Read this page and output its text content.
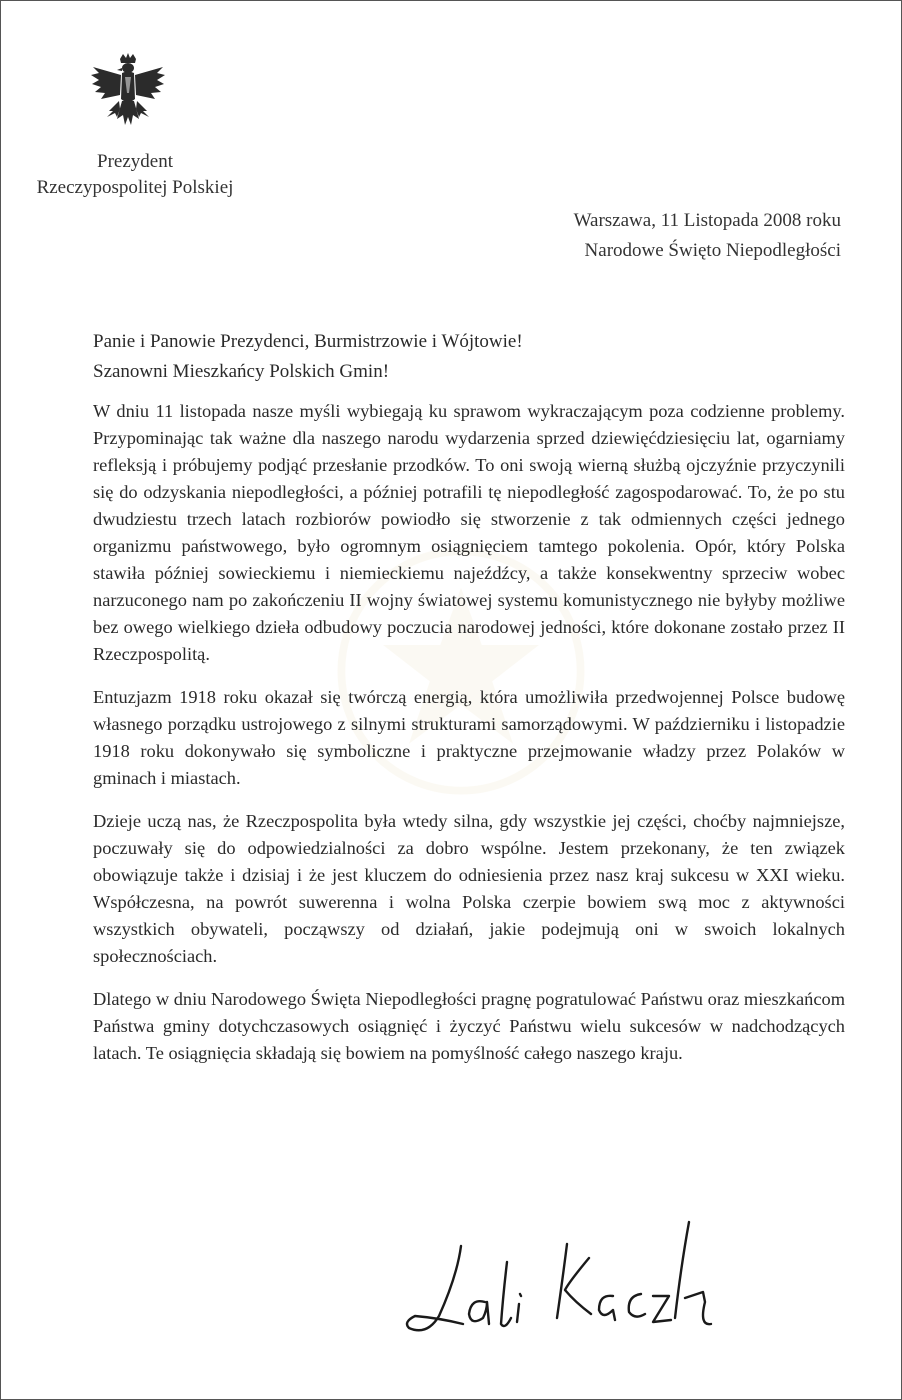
Prezydent
Rzeczypospolitej Polskiej
Warszawa, 11 Listopada 2008 roku
Narodowe Święto Niepodległości
Panie i Panowie Prezydenci, Burmistrzowie i Wójtowie!
Szanowni Mieszkańcy Polskich Gmin!

W dniu 11 listopada nasze myśli wybiegają ku sprawom wykraczającym poza codzienne problemy. Przypominając tak ważne dla naszego narodu wydarzenia sprzed dziewięćdziesięciu lat, ogarniamy refleksją i próbujemy podjąć przesłanie przodków. To oni swoją wierną służbą ojczyźnie przyczynili się do odzyskania niepodległości, a później potrafili tę niepodległość zagospodarować. To, że po stu dwudziestu trzech latach rozbiorów powiodło się stworzenie z tak odmiennych części jednego organizmu państwowego, było ogromnym osiągnięciem tamtego pokolenia. Opór, który Polska stawiła później sowieckiemu i niemieckiemu najeźdźcy, a także konsekwentny sprzeciw wobec narzuconego nam po zakończeniu II wojny światowej systemu komunistycznego nie byłyby możliwe bez owego wielkiego dzieła odbudowy poczucia narodowej jedności, które dokonane zostało przez II Rzeczpospolitą.

Entuzjazm 1918 roku okazał się twórczą energią, która umożliwiła przedwojennej Polsce budowę własnego porządku ustrojowego z silnymi strukturami samorządowymi. W październiku i listopadzie 1918 roku dokonywało się symboliczne i praktyczne przejmowanie władzy przez Polaków w gminach i miastach.

Dzieje uczą nas, że Rzeczpospolita była wtedy silna, gdy wszystkie jej części, choćby najmniejsze, poczuwały się do odpowiedzialności za dobro wspólne. Jestem przekonany, że ten związek obowiązuje także i dzisiaj i że jest kluczem do odniesienia przez nasz kraj sukcesu w XXI wieku. Współczesna, na powrót suwerenna i wolna Polska czerpie bowiem swą moc z aktywności wszystkich obywateli, począwszy od działań, jakie podejmują oni w swoich lokalnych społecznościach.

Dlatego w dniu Narodowego Święta Niepodległości pragnę pogratulować Państwu oraz mieszkańcom Państwa gminy dotychczasowych osiągnięć i życzyć Państwu wielu sukcesów w nadchodzących latach. Te osiągnięcia składają się bowiem na pomyślność całego naszego kraju.
